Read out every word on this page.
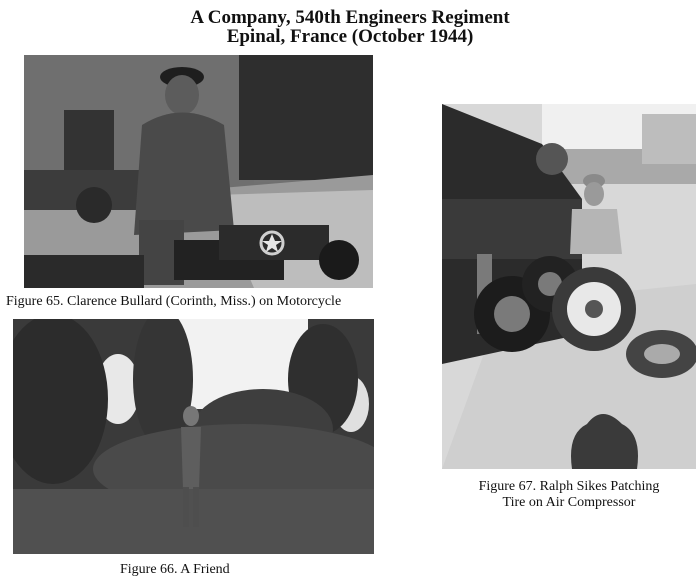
A Company, 540th Engineers Regiment
Epinal, France (October 1944)
Figure 65. Clarence Bullard (Corinth, Miss.) on Motorcycle
Figure 66. A Friend
Figure 67. Ralph Sikes Patching
Tire on Air Compressor
